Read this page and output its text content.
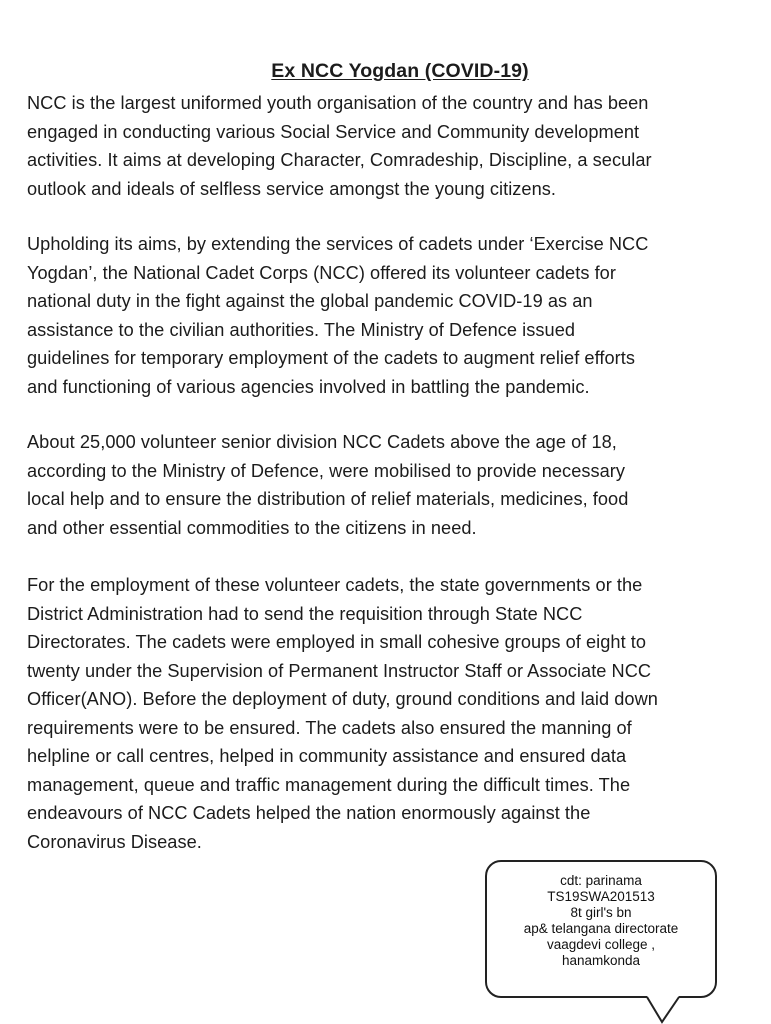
Ex NCC Yogdan (COVID-19)

NCC is the largest uniformed youth organisation of the country and has been
engaged in conducting various Social Service and Community development
activities. It aims at developing Character, Comradeship, Discipline, a secular
outlook and ideals of selfless service amongst the young citizens.

Upholding its aims, by extending the services of cadets under ‘Exercise NCC
Yogdan’, the National Cadet Corps (NCC) offered its volunteer cadets for
national duty in the fight against the global pandemic COVID-19 as an
assistance to the civilian authorities. The Ministry of Defence issued
guidelines for temporary employment of the cadets to augment relief efforts
and functioning of various agencies involved in battling the pandemic.

About 25,000 volunteer senior division NCC Cadets above the age of 18,
according to the Ministry of Defence, were mobilised to provide necessary
local help and to ensure the distribution of relief materials, medicines, food
and other essential commodities to the citizens in need.

For the employment of these volunteer cadets, the state governments or the
District Administration had to send the requisition through State NCC
Directorates. The cadets were employed in small cohesive groups of eight to
twenty under the Supervision of Permanent Instructor Staff or Associate NCC
Officer(ANO). Before the deployment of duty, ground conditions and laid down
requirements were to be ensured. The cadets also ensured the manning of
helpline or call centres, helped in community assistance and ensured data
management, queue and traffic management during the difficult times. The
endeavours of NCC Cadets helped the nation enormously against the
Coronavirus Disease.

cdt: parinama
TS19SWA201513
8t girl's bn
ap& telangana directorate
vaagdevi college ,
hanamkonda
